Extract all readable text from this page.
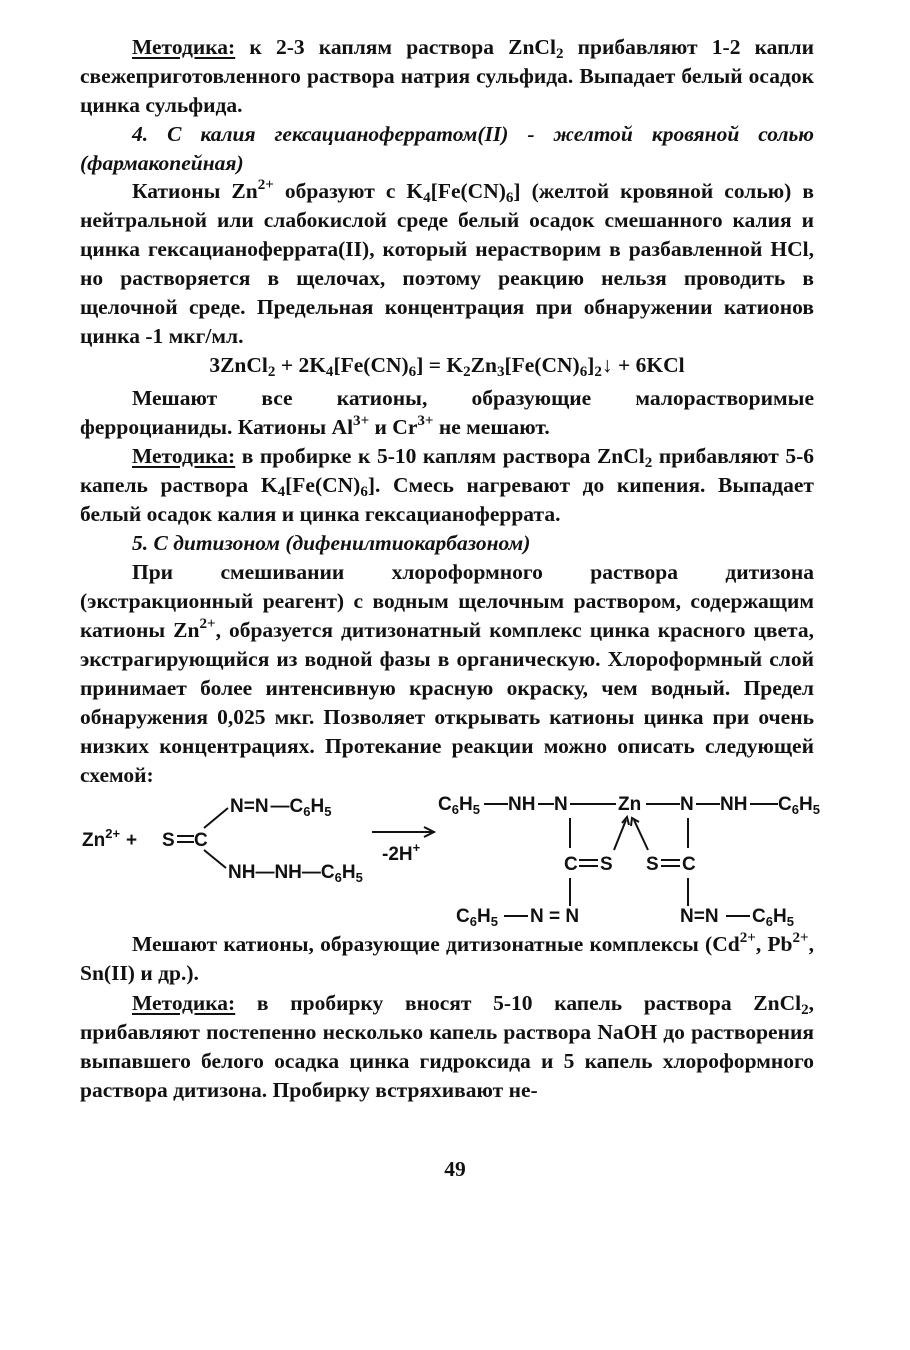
Методика: к 2-3 каплям раствора ZnCl$_2$ прибавляют 1-2 капли свежеприготовленного раствора натрия сульфида. Выпадает белый осадок цинка сульфида.

4. С калия гексацианоферратом(II) - желтой кровяной солью (фармакопейная)

Катионы $Zn^{2+}$ образуют с $K_4[Fe(CN)_6]$ (желтой кровяной солью) в нейтральной или слабокислой среде белый осадок смешанного калия и цинка гексацианоферрата(II), который нерастворим в разбавленной HCl, но растворяется в щелочах, поэтому реакцию нельзя проводить в щелочной среде. Предельная концентрация при обнаружении катионов цинка -1 мкг/мл.

3ZnCl$_2$ + $2K_4[Fe(CN)_6]$ = $K_2Zn_3[Fe(CN)_6]_2↓ + 6KCl$

Мешают все катионы, образующие малорастворимые ферроцианиды. Катионы $Al^{3+}$ и $Cr^{3+}$ не мешают.

Методика: в пробирке к 5-10 каплям раствора ZnCl$_2$ прибавляют 5-6 капель раствора $K_4[Fe(CN)_6]$. Смесь нагревают до кипения. Выпадает белый осадок калия и цинка гексацианоферрата.

5. С дитизоном (дифенилтиокарбазоном)

При смешивании хлороформного раствора дитизона (экстракционный реагент) с водным щелочным раствором, содержащим катионы $Zn^{2+}$, образуется дитизонатный комплекс цинка красного цвета, экстрагирующийся из водной фазы в органическую. Хлороформный слой принимает более интенсивную красную окраску, чем водный. Предел обнаружения 0,025 мкг. Позволяет открывать катионы цинка при очень низких концентрациях. Протекание реакции можно описать следующей схемой:

$Zn^{2+} + S$ C
N=N $—C_6H_5$
$NH—NH—C_6H_5$
-2H+
$C_6H_5$ NH N	Zn N NH $C_6H_5$
C S S C
$C_6H_5$ N = N	N=N $C_6H_5$

Мешают катионы, образующие дитизонатные комплексы ($Cd^{2+}$, $Pb^{2+}$, Sn(II) и др.).

Методика: в пробирку вносят 5-10 капель раствора ZnCl$_2$, прибавляют постепенно несколько капель раствора NaOH до растворения выпавшего белого осадка цинка гидроксида и 5 капель хлороформного раствора дитизона. Пробирку встряхивают не-

49
